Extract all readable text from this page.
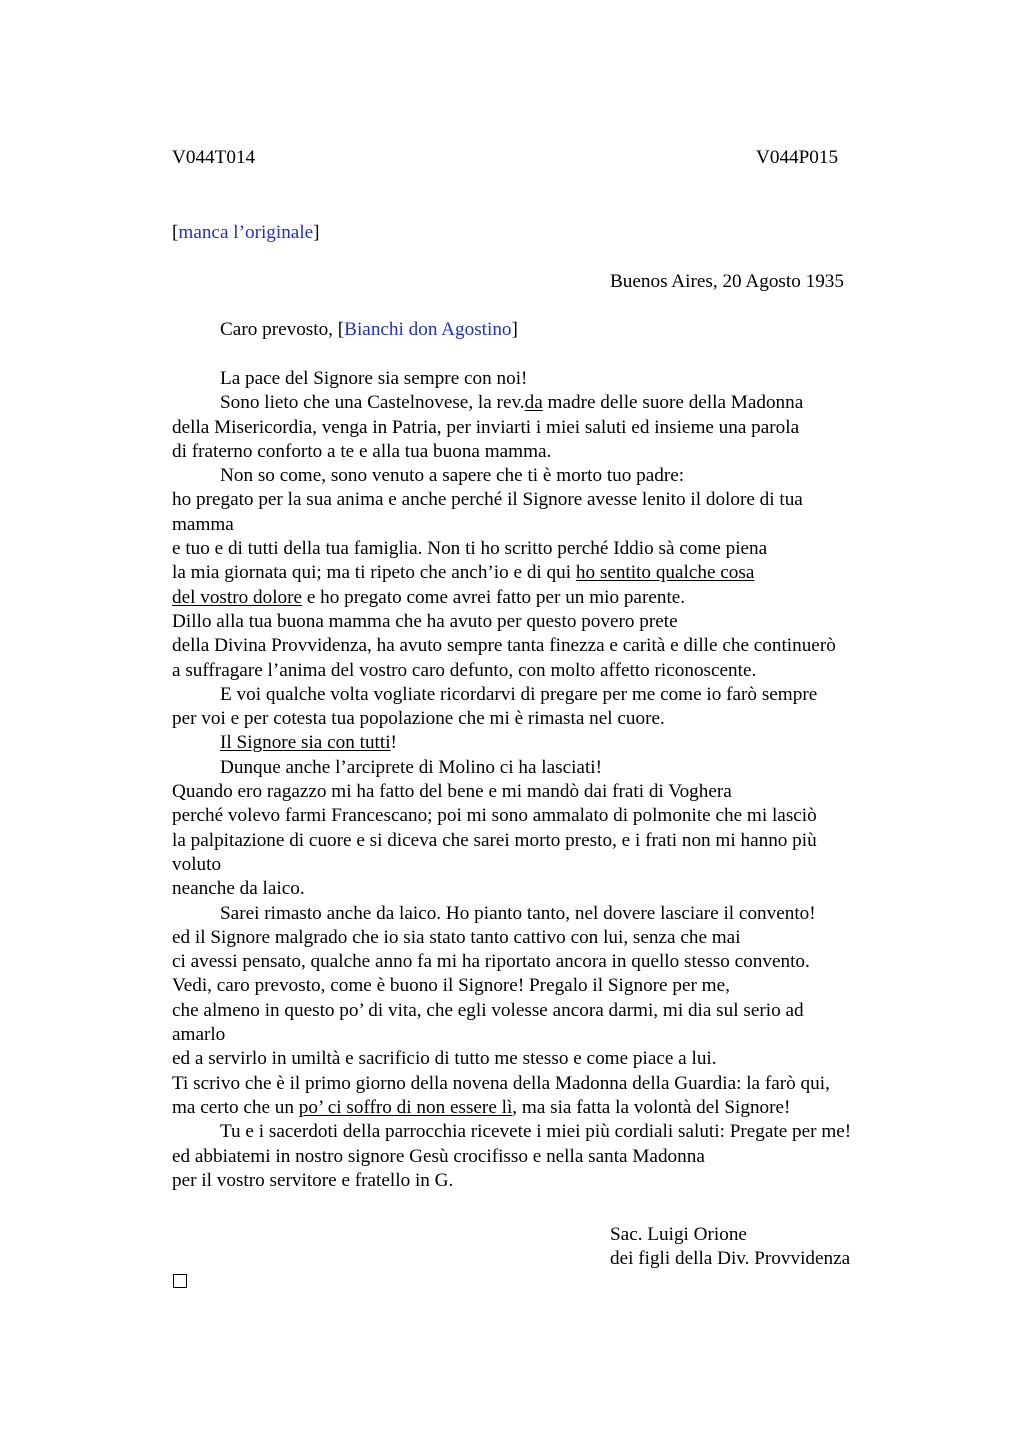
V044T014	V044P015
[manca l’originale]
Buenos Aires, 20 Agosto 1935
Caro prevosto, [Bianchi don Agostino]
La pace del Signore sia sempre con noi!
Sono lieto che una Castelnovese, la rev.da madre delle suore della Madonna
della Misericordia, venga in Patria, per inviarti i miei saluti ed insieme una parola
di fraterno conforto a te e alla tua buona mamma.
Non so come, sono venuto a sapere che ti è morto tuo padre:
ho pregato per la sua anima e anche perché il Signore avesse lenito il dolore di tua
mamma
e tuo e di tutti della tua famiglia. Non ti ho scritto perché Iddio sà come piena
la mia giornata qui; ma ti ripeto che anch’io e di qui ho sentito qualche cosa
del vostro dolore e ho pregato come avrei fatto per un mio parente.
Dillo alla tua buona mamma che ha avuto per questo povero prete
della Divina Provvidenza, ha avuto sempre tanta finezza e carità e dille che continuerò
a suffragare l’anima del vostro caro defunto, con molto affetto riconoscente.
E voi qualche volta vogliate ricordarvi di pregare per me come io farò sempre
per voi e per cotesta tua popolazione che mi è rimasta nel cuore.
Il Signore sia con tutti!
Dunque anche l’arciprete di Molino ci ha lasciati!
Quando ero ragazzo mi ha fatto del bene e mi mandò dai frati di Voghera
perché volevo farmi Francescano; poi mi sono ammalato di polmonite che mi lasciò
la palpitazione di cuore e si diceva che sarei morto presto, e i frati non mi hanno più
voluto
neanche da laico.
Sarei rimasto anche da laico. Ho pianto tanto, nel dovere lasciare il convento!
ed il Signore malgrado che io sia stato tanto cattivo con lui, senza che mai
ci avessi pensato, qualche anno fa mi ha riportato ancora in quello stesso convento.
Vedi, caro prevosto, come è buono il Signore! Pregalo il Signore per me,
che almeno in questo po’ di vita, che egli volesse ancora darmi, mi dia sul serio ad
amarlo
ed a servirlo in umiltà e sacrificio di tutto me stesso e come piace a lui.
Ti scrivo che è il primo giorno della novena della Madonna della Guardia: la farò qui,
ma certo che un po’ ci soffro di non essere lì, ma sia fatta la volontà del Signore!
Tu e i sacerdoti della parrocchia ricevete i miei più cordiali saluti: Pregate per me!
ed abbiatemi in nostro signore Gesù crocifisso e nella santa Madonna
per il vostro servitore e fratello in G.
Sac. Luigi Orione
dei figli della Div. Provvidenza
